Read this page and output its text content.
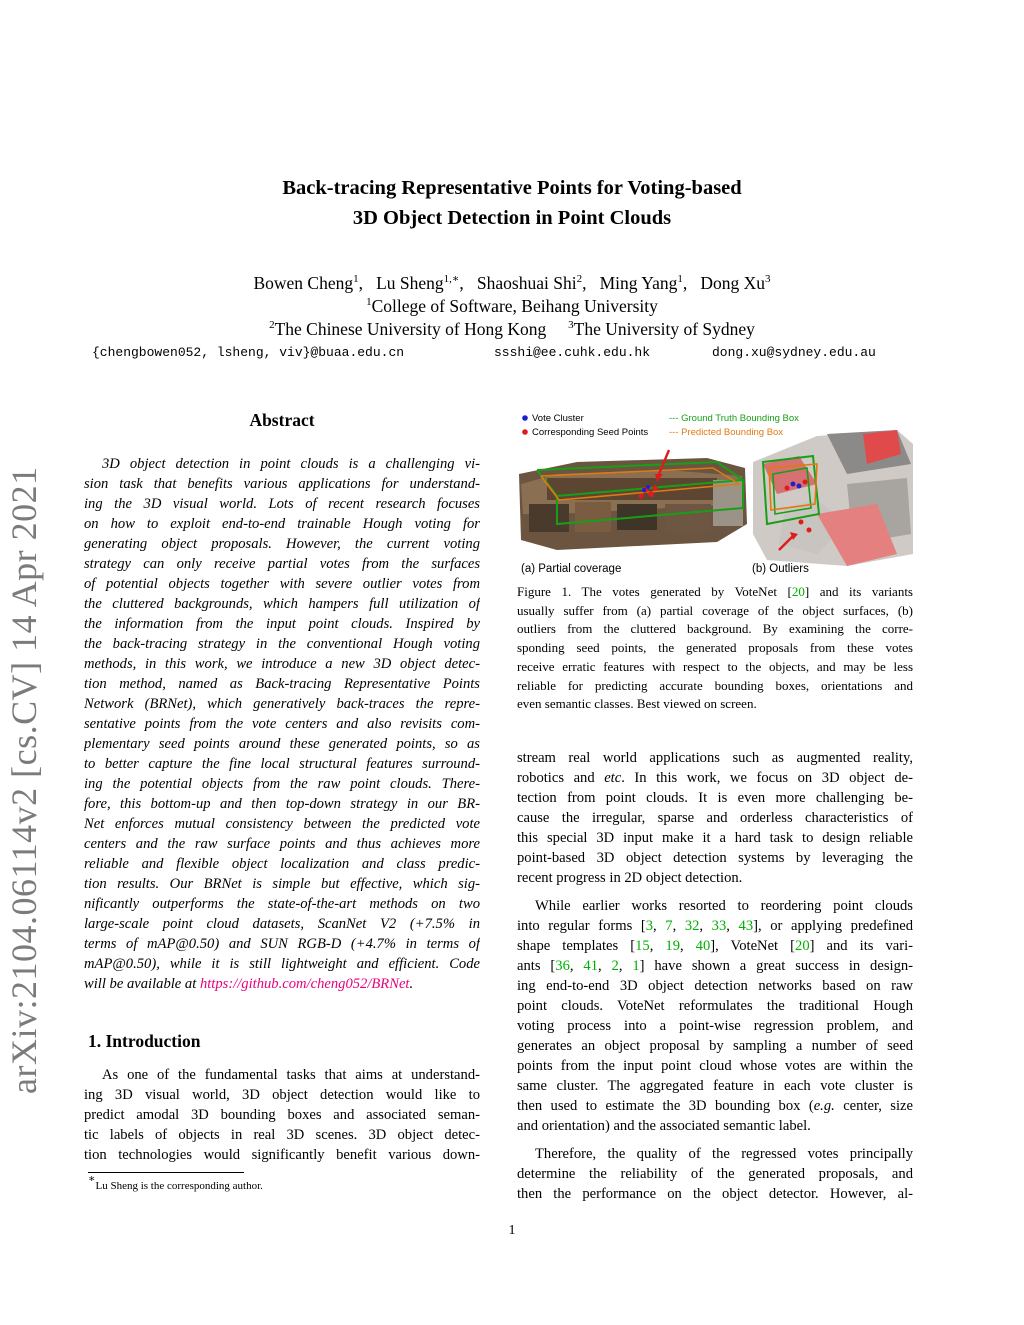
arXiv:2104.06114v2 [cs.CV] 14 Apr 2021
Back-tracing Representative Points for Voting-based
3D Object Detection in Point Clouds
Bowen Cheng$^1$,   Lu Sheng$^{1,∗}$,   Shaoshuai Shi$^2$,   Ming Yang$^1$,   Dong Xu$^3$
$^1$College of Software, Beihang University
$^2$The Chinese University of Hong Kong $^3$The University of Sydney
{chengbowen052, lsheng, viv}@buaa.edu.cn	ssshi@ee.cuhk.edu.hk	dong.xu@sydney.edu.au
Abstract
3D object detection in point clouds is a challenging vi-
sion task that benefits various applications for understand-
ing the 3D visual world. Lots of recent research focuses
on how to exploit end-to-end trainable Hough voting for
generating object proposals. However, the current voting
strategy can only receive partial votes from the surfaces
of potential objects together with severe outlier votes from
the cluttered backgrounds, which hampers full utilization of
the information from the input point clouds. Inspired by
the back-tracing strategy in the conventional Hough voting
methods, in this work, we introduce a new 3D object detec-
tion method, named as Back-tracing Representative Points
Network (BRNet), which generatively back-traces the repre-
sentative points from the vote centers and also revisits com-
plementary seed points around these generated points, so as
to better capture the fine local structural features surround-
ing the potential objects from the raw point clouds. There-
fore, this bottom-up and then top-down strategy in our BR-
Net enforces mutual consistency between the predicted vote
centers and the raw surface points and thus achieves more
reliable and flexible object localization and class predic-
tion results. Our BRNet is simple but effective, which sig-
nificantly outperforms the state-of-the-art methods on two
large-scale point cloud datasets, ScanNet V2 (+7.5% in
terms of mAP@0.50) and SUN RGB-D (+4.7% in terms of
mAP@0.50), while it is still lightweight and efficient. Code
will be available at https://github.com/cheng052/BRNet.
1. Introduction
As one of the fundamental tasks that aims at understand-
ing 3D visual world, 3D object detection would like to
predict amodal 3D bounding boxes and associated seman-
tic labels of objects in real 3D scenes. 3D object detec-
tion technologies would significantly benefit various down-
∗Lu Sheng is the corresponding author.
Vote Cluster
Corresponding Seed Points
--- Ground Truth Bounding Box
--- Predicted Bounding Box
(a) Partial coverage	(b) Outliers
Figure 1. The votes generated by VoteNet [20] and its variants
usually suffer from (a) partial coverage of the object surfaces, (b)
outliers from the cluttered background. By examining the corre-
sponding seed points, the generated proposals from these votes
receive erratic features with respect to the objects, and may be less
reliable for predicting accurate bounding boxes, orientations and
even semantic classes. Best viewed on screen.
stream real world applications such as augmented reality,
robotics and etc. In this work, we focus on 3D object de-
tection from point clouds. It is even more challenging be-
cause the irregular, sparse and orderless characteristics of
this special 3D input make it a hard task to design reliable
point-based 3D object detection systems by leveraging the
recent progress in 2D object detection.
While earlier works resorted to reordering point clouds
into regular forms [3, 7, 32, 33, 43], or applying predefined
shape templates [15, 19, 40], VoteNet [20] and its vari-
ants [36, 41, 2, 1] have shown a great success in design-
ing end-to-end 3D object detection networks based on raw
point clouds. VoteNet reformulates the traditional Hough
voting process into a point-wise regression problem, and
generates an object proposal by sampling a number of seed
points from the input point cloud whose votes are within the
same cluster. The aggregated feature in each vote cluster is
then used to estimate the 3D bounding box (e.g. center, size
and orientation) and the associated semantic label.
Therefore, the quality of the regressed votes principally
determine the reliability of the generated proposals, and
then the performance on the object detector. However, al-
1
